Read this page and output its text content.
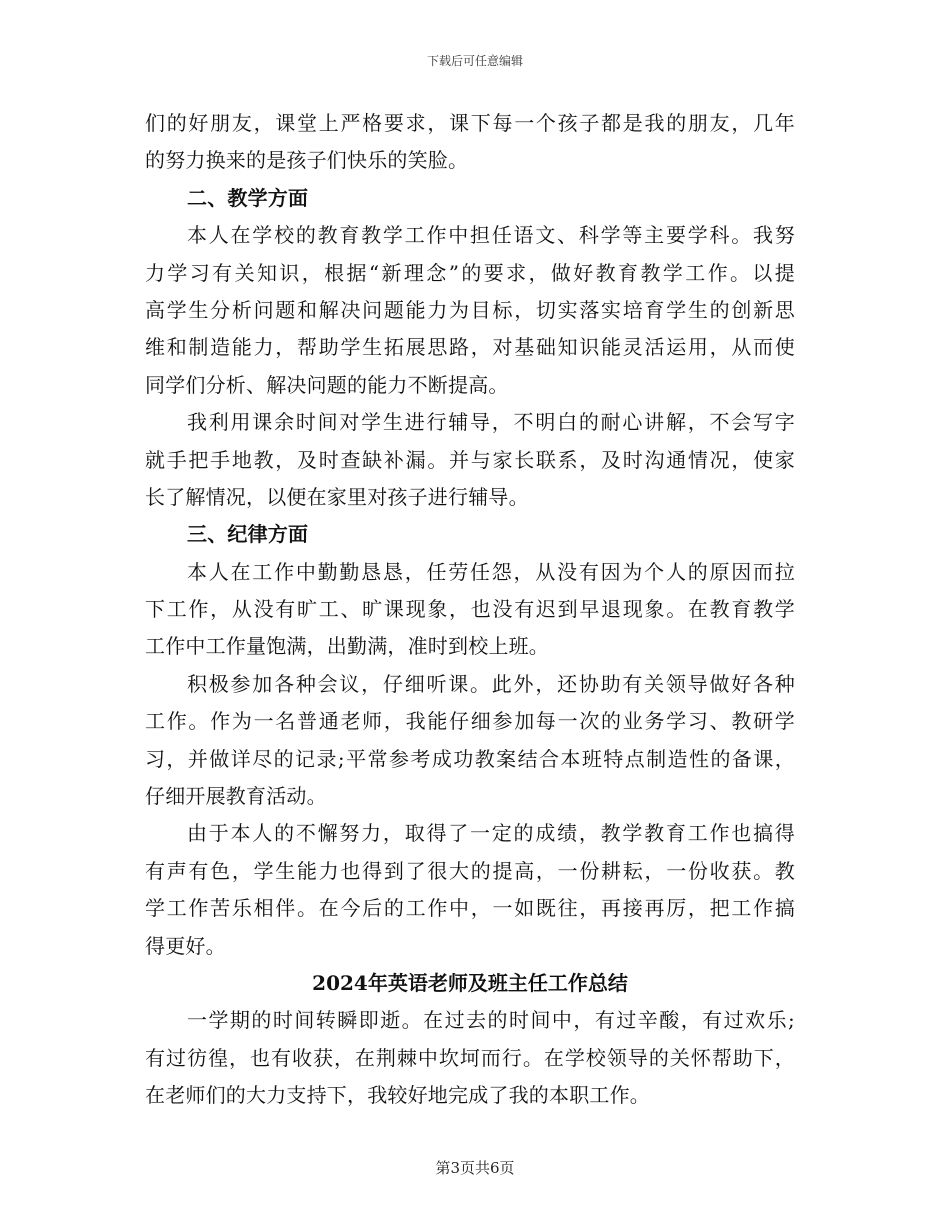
下载后可任意编辑
们的好朋友，课堂上严格要求，课下每一个孩子都是我的朋友，几年
的努力换来的是孩子们快乐的笑脸。
二、教学方面
本人在学校的教育教学工作中担任语文、科学等主要学科。我努
力学习有关知识，根据“新理念”的要求，做好教育教学工作。以提
高学生分析问题和解决问题能力为目标，切实落实培育学生的创新思
维和制造能力，帮助学生拓展思路，对基础知识能灵活运用，从而使
同学们分析、解决问题的能力不断提高。
我利用课余时间对学生进行辅导，不明白的耐心讲解，不会写字
就手把手地教，及时查缺补漏。并与家长联系，及时沟通情况，使家
长了解情况，以便在家里对孩子进行辅导。
三、纪律方面
本人在工作中勤勤恳恳，任劳任怨，从没有因为个人的原因而拉
下工作，从没有旷工、旷课现象，也没有迟到早退现象。在教育教学
工作中工作量饱满，出勤满，准时到校上班。
积极参加各种会议，仔细听课。此外，还协助有关领导做好各种
工作。作为一名普通老师，我能仔细参加每一次的业务学习、教研学
习，并做详尽的记录;平常参考成功教案结合本班特点制造性的备课，
仔细开展教育活动。
由于本人的不懈努力，取得了一定的成绩，教学教育工作也搞得
有声有色，学生能力也得到了很大的提高，一份耕耘，一份收获。教
学工作苦乐相伴。在今后的工作中，一如既往，再接再厉，把工作搞
得更好。
2024年英语老师及班主任工作总结
一学期的时间转瞬即逝。在过去的时间中，有过辛酸，有过欢乐;
有过彷徨，也有收获，在荆棘中坎坷而行。在学校领导的关怀帮助下，
在老师们的大力支持下，我较好地完成了我的本职工作。
第3页共6页
